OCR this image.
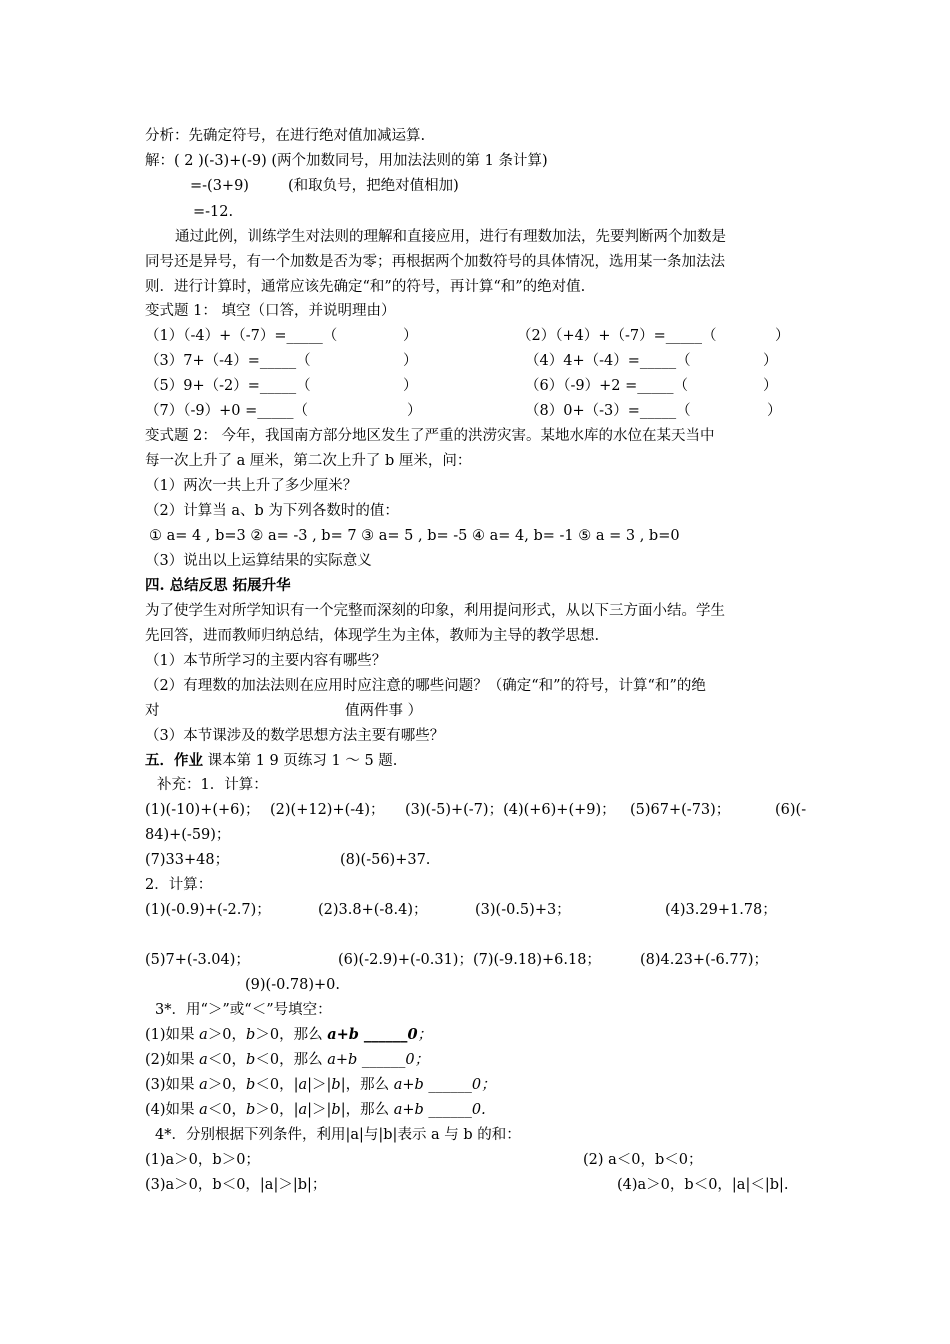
分析：先确定符号，在进行绝对值加减运算.
解：( 2 )(-3)+(-9) (两个加数同号，用加法法则的第 1 条计算)
=-(3+9)	(和取负号，把绝对值相加)
=-12.
通过此例，训练学生对法则的理解和直接应用，进行有理数加法，先要判断两个加数是
同号还是异号，有一个加数是否为零；再根据两个加数符号的具体情况，选用某一条加法法
则．进行计算时，通常应该先确定“和”的符号，再计算“和”的绝对值.
变式题 1： 填空（口答，并说明理由）
（1）（-4）+（-7）=_____（	）	（2）（+4）+（-7）=_____（	）
（3）7+（-4）=_____（	）	（4）4+（-4）=_____（	）
（5）9+（-2）=_____（	）	（6）（-9）+2 =_____（	）
（7）（-9）+0 =_____（	）	（8）0+（-3）=_____（	）
变式题 2： 今年，我国南方部分地区发生了严重的洪涝灾害。某地水库的水位在某天当中
每一次上升了 a 厘米，第二次上升了 b 厘米，问：
（1）两次一共上升了多少厘米？
（2）计算当 a、b 为下列各数时的值：
① a= 4 , b=3 ② a= -3 , b= 7 ③ a= 5 , b= -5 ④ a= 4, b= -1 ⑤ a = 3 , b=0
（3）说出以上运算结果的实际意义
四. 总结反思 拓展升华
为了使学生对所学知识有一个完整而深刻的印象，利用提问形式，从以下三方面小结。学生
先回答，进而教师归纳总结，体现学生为主体，教师为主导的教学思想.
（1）本节所学习的主要内容有哪些？
（2）有理数的加法法则在应用时应注意的哪些问题？（确定“和”的符号，计算“和”的绝
对	值两件事 ）
（3）本节课涉及的数学思想方法主要有哪些？
五．作业 课本第 1 9 页练习 1 ～ 5 题.
补充：1．计算：
(1)(-10)+(+6)； (2)(+12)+(-4)； (3)(-5)+(-7)；(4)(+6)+(+9)； (5)67+(-73)；	(6)(-
84)+(-59)；
(7)33+48；	(8)(-56)+37.
2．计算：
(1)(-0.9)+(-2.7)；	(2)3.8+(-8.4)；	(3)(-0.5)+3；	(4)3.29+1.78；
(5)7+(-3.04)；	(6)(-2.9)+(-0.31)；(7)(-9.18)+6.18；	(8)4.23+(-6.77)；
(9)(-0.78)+0.
3*．用“＞”或“＜”号填空：
(1)如果 a＞0，b＞0，那么 a+b ______0；
(2)如果 a＜0，b＜0，那么 a+b ______0；
(3)如果 a＞0，b＜0，|a|＞|b|，那么 a+b ______0；
(4)如果 a＜0，b＞0，|a|＞|b|，那么 a+b ______0.
4*．分别根据下列条件，利用|a|与|b|表示 a 与 b 的和：
(1)a＞0，b＞0；	(2) a＜0，b＜0；
(3)a＞0，b＜0，|a|＞|b|；	(4)a＞0，b＜0，|a|＜|b|.
